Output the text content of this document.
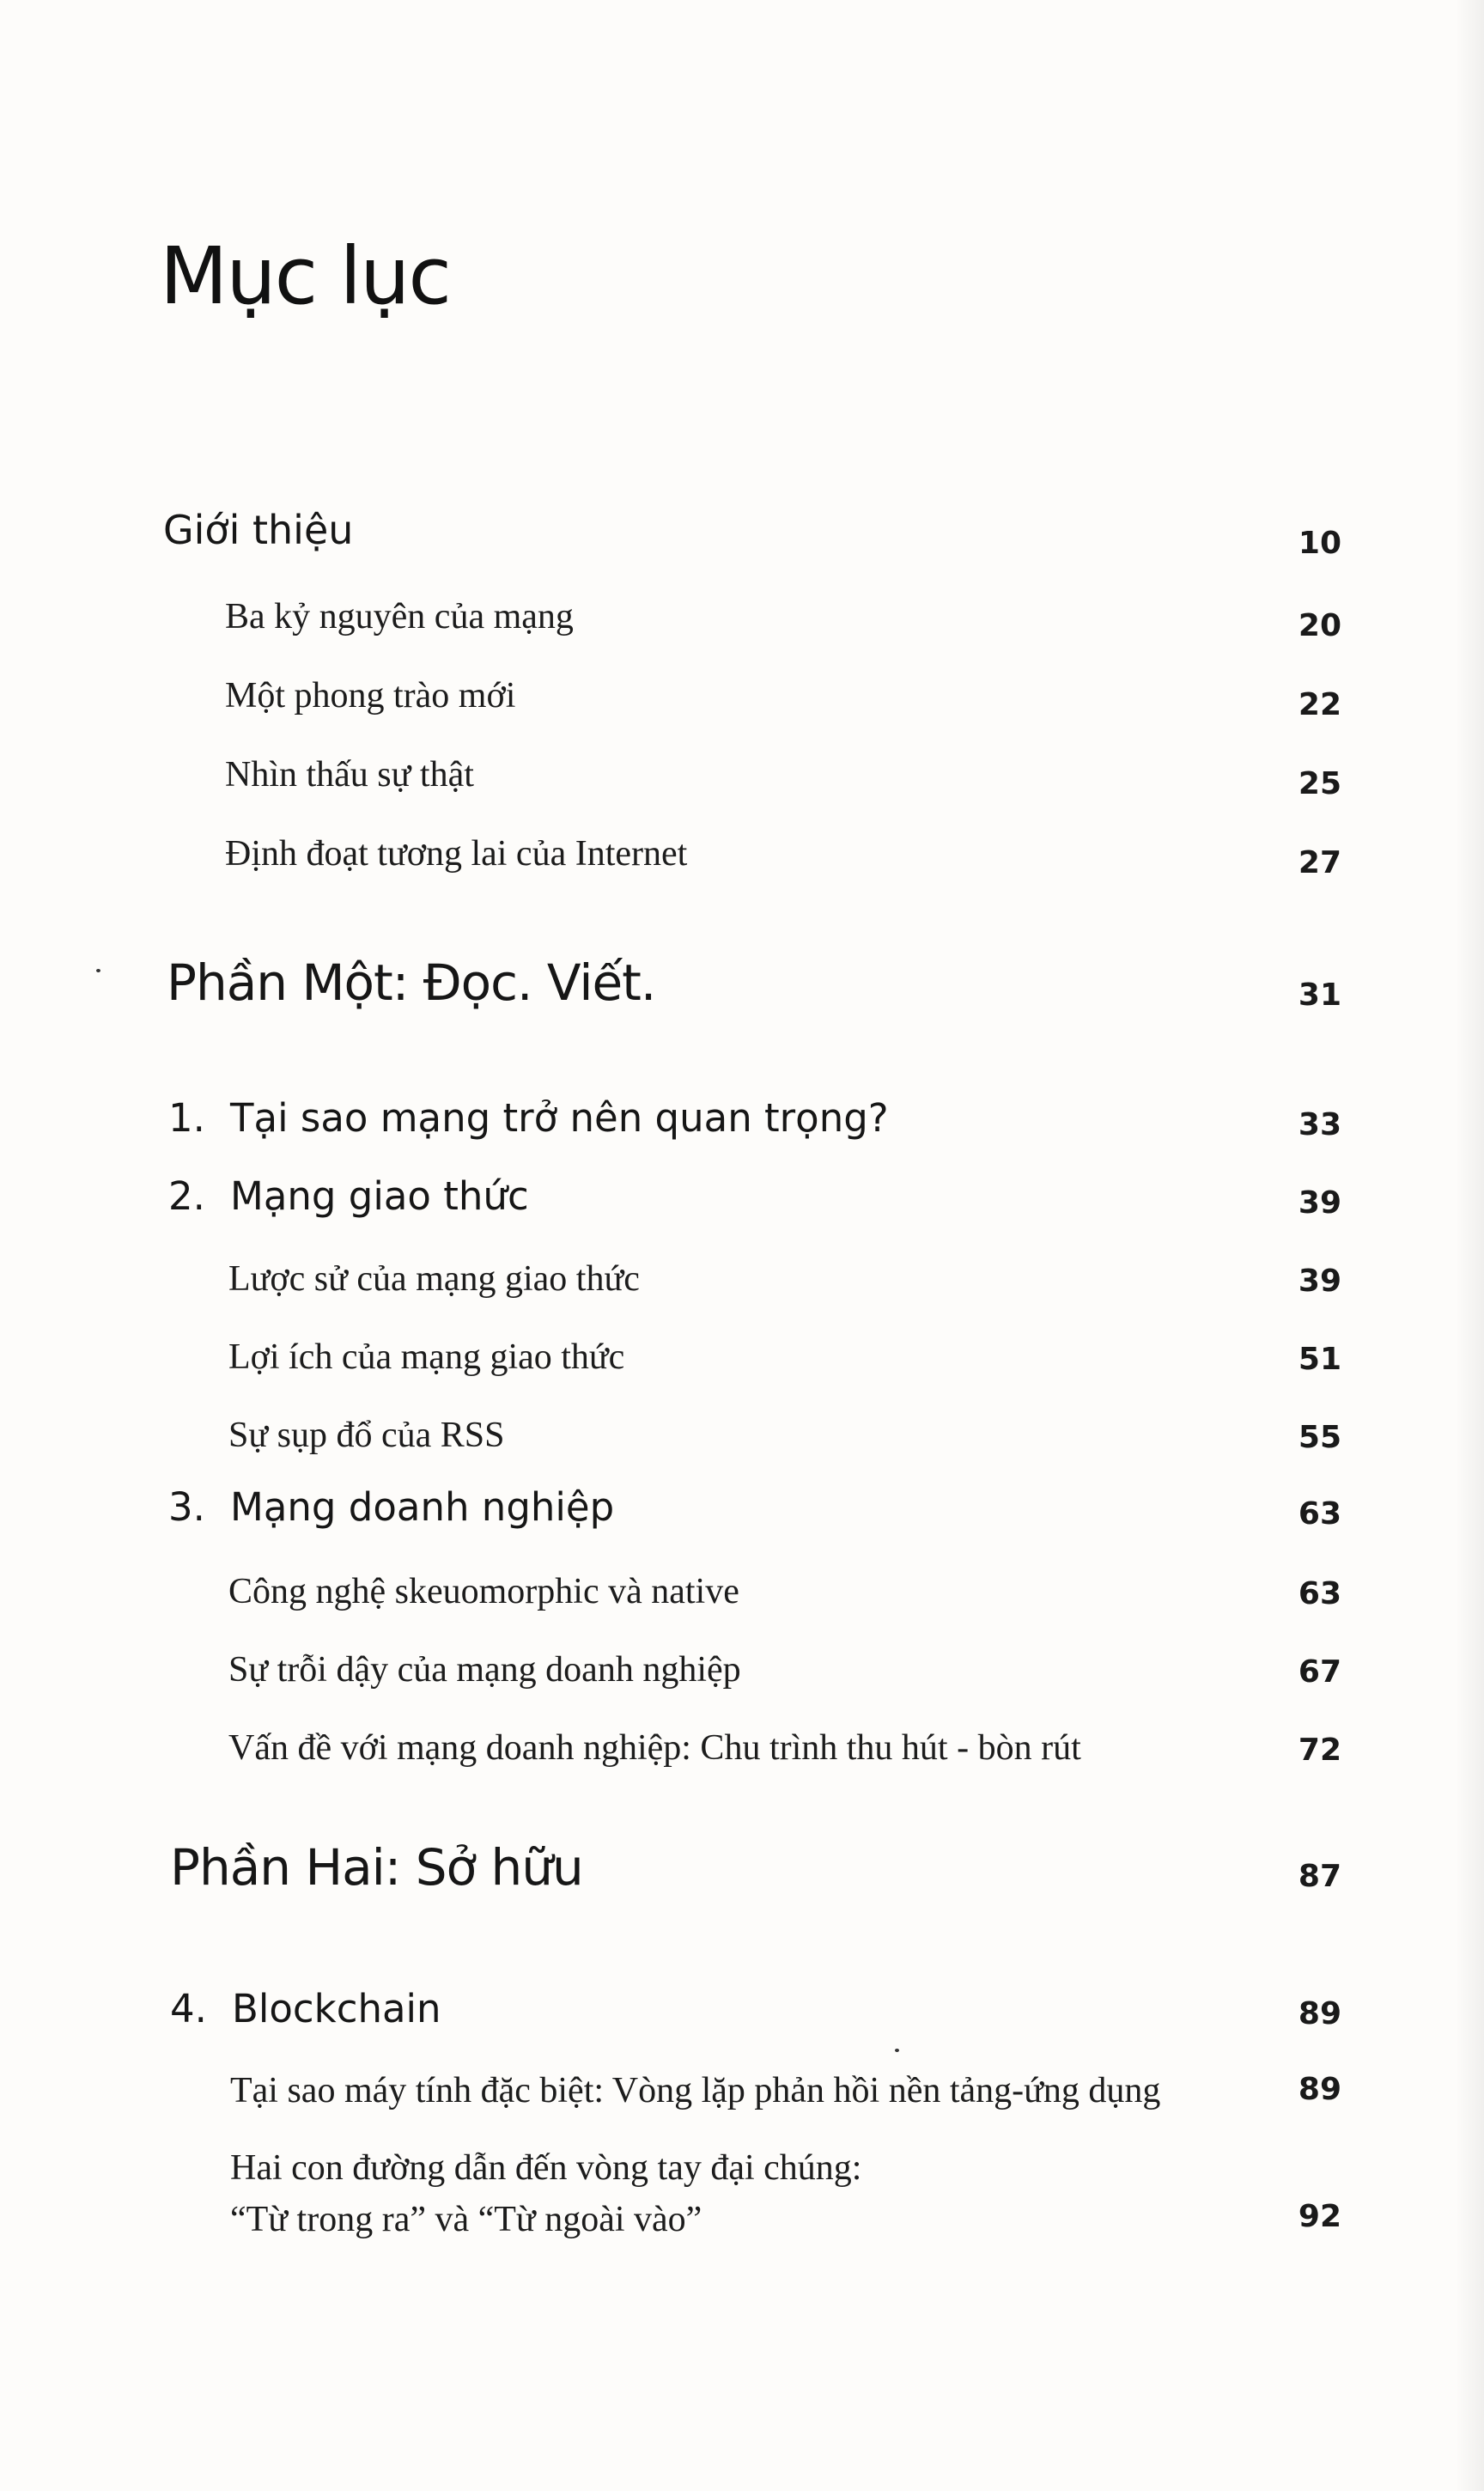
Mục lục
Giới thiệu	10
Ba kỷ nguyên của mạng	20
Một phong trào mới	22
Nhìn thấu sự thật	25
Định đoạt tương lai của Internet	27
Phần Một: Đọc. Viết.	31
1. Tại sao mạng trở nên quan trọng?	33
2. Mạng giao thức	39
Lược sử của mạng giao thức	39
Lợi ích của mạng giao thức	51
Sự sụp đổ của RSS	55
3. Mạng doanh nghiệp	63
Công nghệ skeuomorphic và native	63
Sự trỗi dậy của mạng doanh nghiệp	67
Vấn đề với mạng doanh nghiệp: Chu trình thu hút - bòn rút	72
Phần Hai: Sở hữu	87
4. Blockchain	89
Tại sao máy tính đặc biệt: Vòng lặp phản hồi nền tảng-ứng dụng	89
Hai con đường dẫn đến vòng tay đại chúng:
“Từ trong ra” và “Từ ngoài vào”	92
